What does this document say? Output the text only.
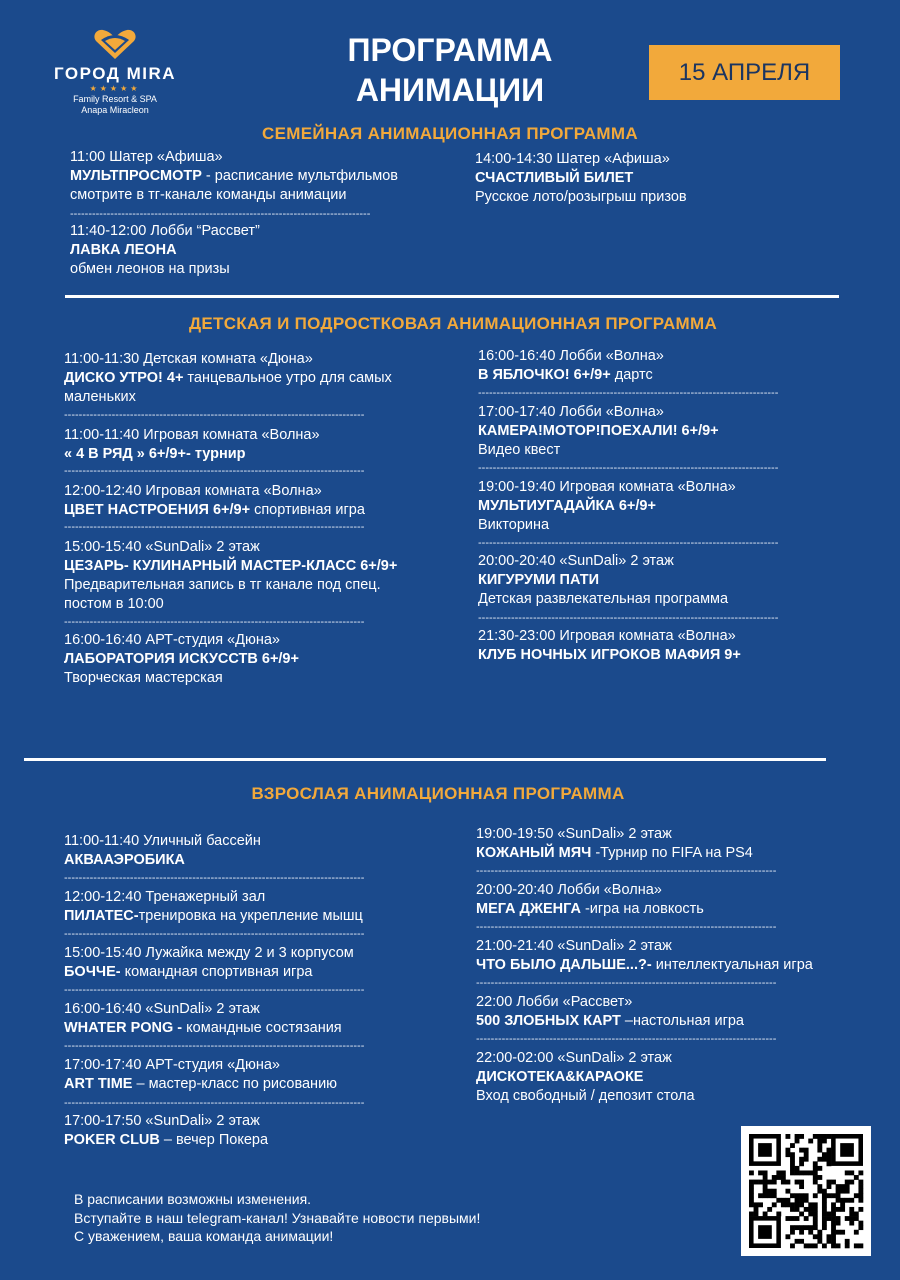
ГОРОД MIRA
★★★★★
Family Resort & SPA
Anapa Miracleon
ПРОГРАММА
АНИМАЦИИ	15 АПРЕЛЯ
СЕМЕЙНАЯ АНИМАЦИОННАЯ ПРОГРАММА
11:00 Шатер «Афиша»
МУЛЬТПРОСМОТР - расписание мультфильмов
смотрите в тг-канале команды анимации
----------------------------------------------------------------------------------
11:40-12:00 Лобби “Рассвет”
ЛАВКА ЛЕОНА
обмен леонов на призы
14:00-14:30 Шатер «Афиша»
СЧАСТЛИВЫЙ БИЛЕТ
Русское лото/розыгрыш призов
ДЕТСКАЯ И ПОДРОСТКОВАЯ АНИМАЦИОННАЯ ПРОГРАММА
11:00-11:30 Детская комната «Дюна»
ДИСКО УТРО! 4+ танцевальное утро для самых
маленьких
----------------------------------------------------------------------------------
11:00-11:40 Игровая комната «Волна»
« 4 В РЯД » 6+/9+- турнир
----------------------------------------------------------------------------------
12:00-12:40 Игровая комната «Волна»
ЦВЕТ НАСТРОЕНИЯ 6+/9+ спортивная игра
----------------------------------------------------------------------------------
15:00-15:40 «SunDali» 2 этаж
ЦЕЗАРЬ- КУЛИНАРНЫЙ МАСТЕР-КЛАСС 6+/9+
Предварительная запись в тг канале под спец.
постом в 10:00
----------------------------------------------------------------------------------
16:00-16:40 АРТ-студия «Дюна»
ЛАБОРАТОРИЯ ИСКУССТВ 6+/9+
Творческая мастерская
16:00-16:40 Лобби «Волна»
В ЯБЛОЧКО! 6+/9+ дартс
----------------------------------------------------------------------------------
17:00-17:40 Лобби «Волна»
КАМЕРА!МОТОР!ПОЕХАЛИ! 6+/9+
Видео квест
----------------------------------------------------------------------------------
19:00-19:40 Игровая комната «Волна»
МУЛЬТИУГАДАЙКА 6+/9+
Викторина
----------------------------------------------------------------------------------
20:00-20:40 «SunDali» 2 этаж
КИГУРУМИ ПАТИ
Детская развлекательная программа
----------------------------------------------------------------------------------
21:30-23:00 Игровая комната «Волна»
КЛУБ НОЧНЫХ ИГРОКОВ МАФИЯ 9+
ВЗРОСЛАЯ АНИМАЦИОННАЯ ПРОГРАММА
11:00-11:40 Уличный бассейн
АКВААЭРОБИКА
----------------------------------------------------------------------------------
12:00-12:40 Тренажерный зал
ПИЛАТЕС-тренировка на укрепление мышц
----------------------------------------------------------------------------------
15:00-15:40 Лужайка между 2 и 3 корпусом
БОЧЧЕ- командная спортивная игра
----------------------------------------------------------------------------------
16:00-16:40 «SunDali» 2 этаж
WHATER PONG - командные состязания
----------------------------------------------------------------------------------
17:00-17:40 АРТ-студия «Дюна»
ART TIME – мастер-класс по рисованию
----------------------------------------------------------------------------------
17:00-17:50 «SunDali» 2 этаж
POKER CLUB – вечер Покера
19:00-19:50 «SunDali» 2 этаж
КОЖАНЫЙ МЯЧ -Турнир по FIFA на PS4
----------------------------------------------------------------------------------
20:00-20:40 Лобби «Волна»
МЕГА ДЖЕНГА -игра на ловкость
----------------------------------------------------------------------------------
21:00-21:40 «SunDali» 2 этаж
ЧТО БЫЛО ДАЛЬШЕ...?- интеллектуальная игра
----------------------------------------------------------------------------------
22:00 Лобби «Рассвет»
500 ЗЛОБНЫХ КАРТ –настольная игра
----------------------------------------------------------------------------------
22:00-02:00 «SunDali» 2 этаж
ДИСКОТЕКА&КАРАОКЕ
Вход свободный / депозит стола
В расписании возможны изменения.
Вступайте в наш telegram-канал! Узнавайте новости первыми!
С уважением, ваша команда анимации!
